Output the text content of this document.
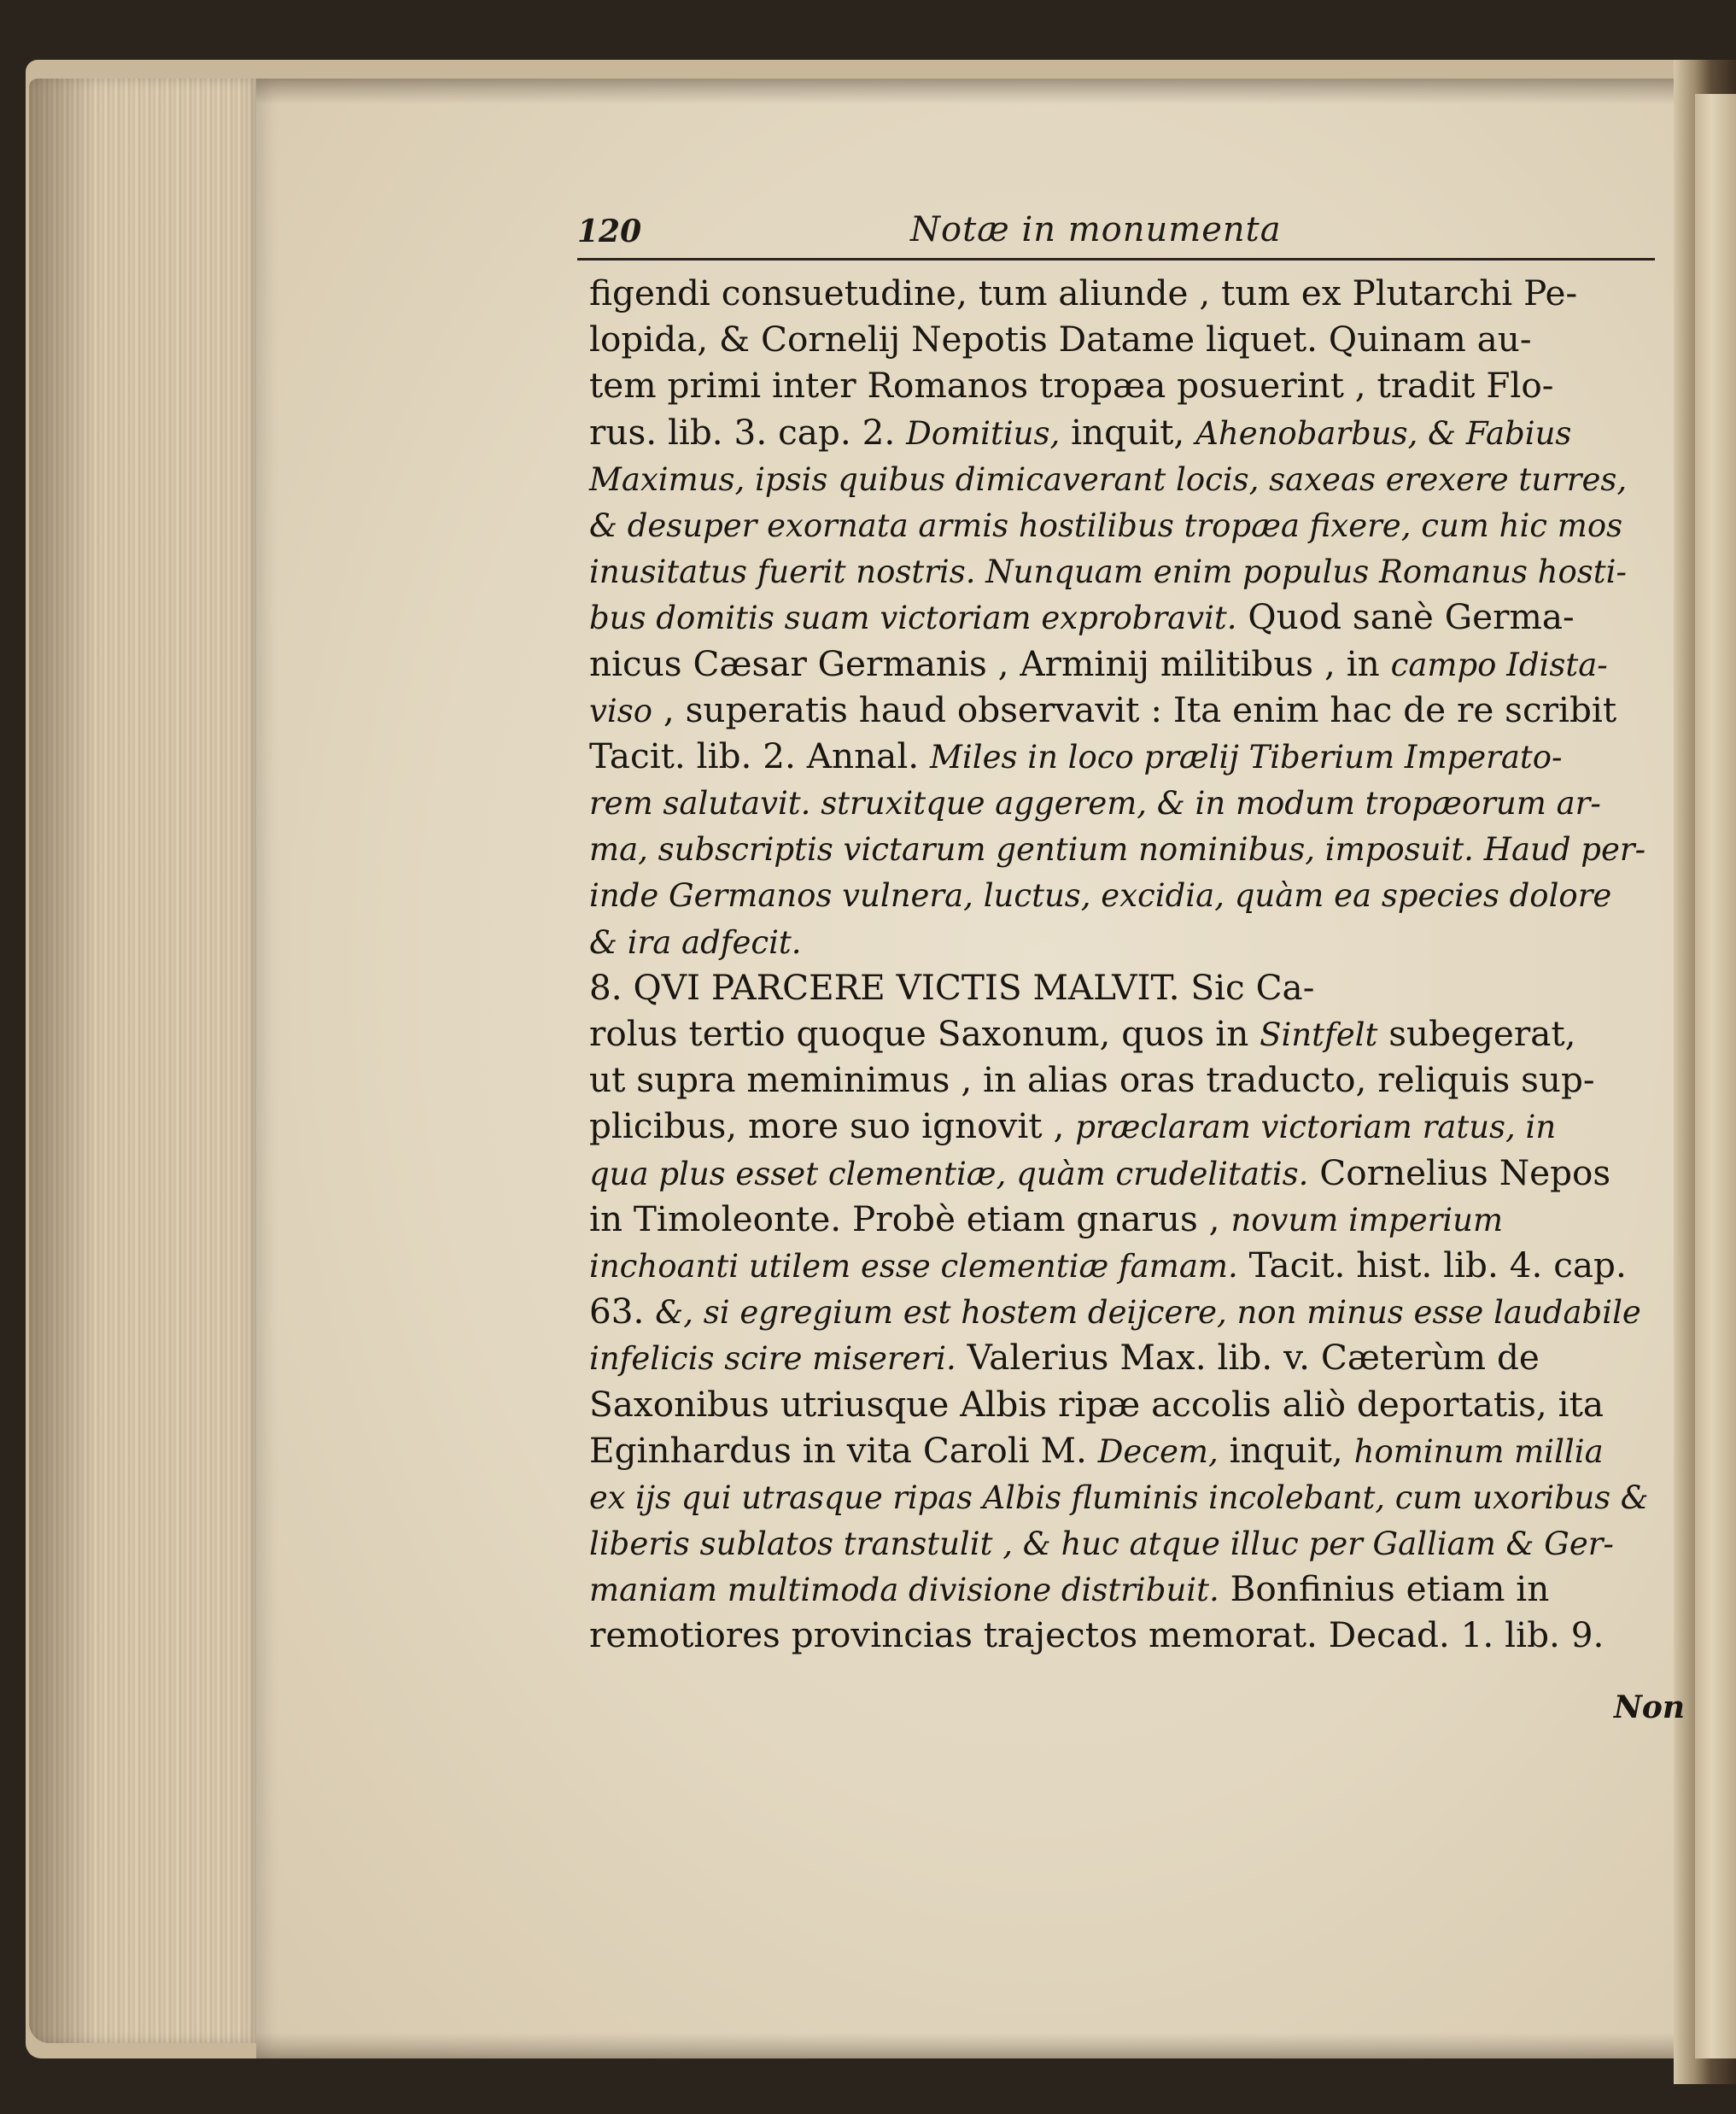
120	Notæ in monumenta
figendi consuetudine, tum aliunde , tum ex Plutarchi Pe-
lopida, & Cornelij Nepotis Datame liquet. Quinam au-
tem primi inter Romanos tropæa posuerint , tradit Flo-
rus. lib. 3. cap. 2. Domitius, inquit, Ahenobarbus, & Fabius
Maximus, ipsis quibus dimicaverant locis, saxeas erexere turres,
& desuper exornata armis hostilibus tropæa fixere, cum hic mos
inusitatus fuerit nostris. Nunquam enim populus Romanus hosti-
bus domitis suam victoriam exprobravit. Quod sanè Germa-
nicus Cæsar Germanis , Arminij militibus , in campo Idista-
viso , superatis haud observavit : Ita enim hac de re scribit
Tacit. lib. 2. Annal. Miles in loco prælij Tiberium Imperato-
rem salutavit. struxitque aggerem, & in modum tropæorum ar-
ma, subscriptis victarum gentium nominibus, imposuit. Haud per-
inde Germanos vulnera, luctus, excidia, quàm ea species dolore
& ira adfecit.
8. QVI PARCERE VICTIS MALVIT. Sic Ca-
rolus tertio quoque Saxonum, quos in Sintfelt subegerat,
ut supra meminimus , in alias oras traducto, reliquis sup-
plicibus, more suo ignovit , præclaram victoriam ratus, in
qua plus esset clementiæ, quàm crudelitatis. Cornelius Nepos
in Timoleonte. Probè etiam gnarus , novum imperium
inchoanti utilem esse clementiæ famam. Tacit. hist. lib. 4. cap.
63. &, si egregium est hostem deijcere, non minus esse laudabile
infelicis scire misereri. Valerius Max. lib. v. Cæterùm de
Saxonibus utriusque Albis ripæ accolis aliò deportatis, ita
Eginhardus in vita Caroli M. Decem, inquit, hominum millia
ex ijs qui utrasque ripas Albis fluminis incolebant, cum uxoribus &
liberis sublatos transtulit , & huc atque illuc per Galliam & Ger-
maniam multimoda divisione distribuit. Bonfinius etiam in
remotiores provincias trajectos memorat. Decad. 1. lib. 9.
Non
